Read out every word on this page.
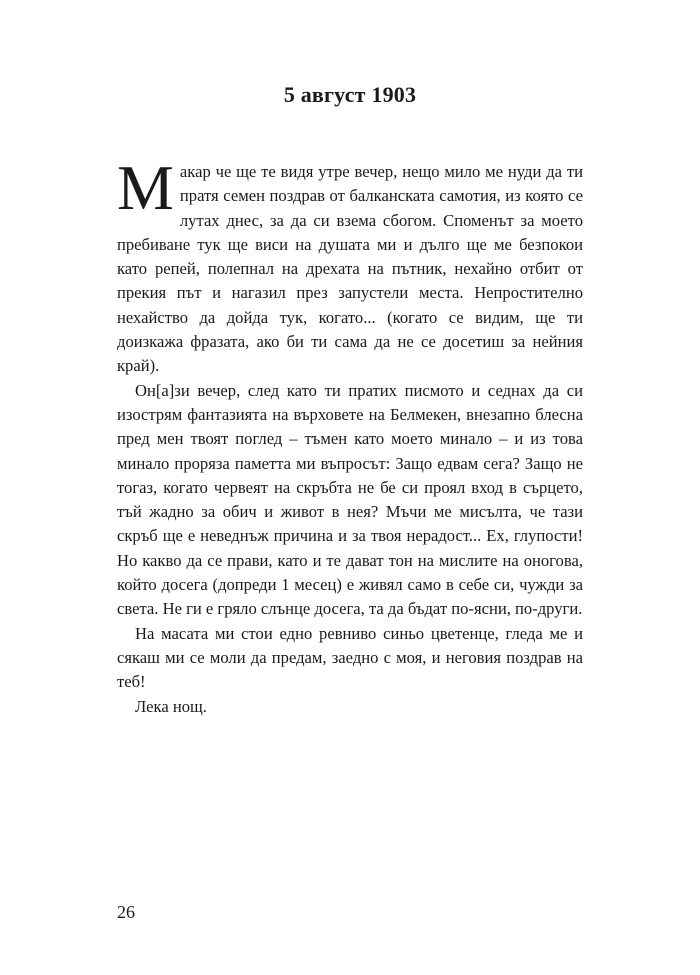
5 август 1903

Макар че ще те видя утре вечер, нещо мило ме нуди да ти пратя семен поздрав от балканската самотия, из която се лутах днес, за да си взема сбогом. Споменът за моето пребиване тук ще виси на душата ми и дълго ще ме безпокои като репей, полепнал на дрехата на пътник, нехайно отбит от прекия път и нагазил през запустели места. Непростително нехайство да дойда тук, когато... (когато се видим, ще ти доизкажа фразата, ако би ти сама да не се досетиш за нейния край).

Он[а]зи вечер, след като ти пратих писмото и седнах да си изострям фантазията на върховете на Белмекен, внезапно блесна пред мен твоят поглед – тъмен като моето минало – и из това минало прорязa паметта ми въпросът: Защо едвам сега? Защо не тогаз, когато червеят на скръбта не бе си проял вход в сърцето, тъй жадно за обич и живот в нея? Мъчи ме мисълта, че тази скръб ще е неведнъж причина и за твоя нерадост... Ех, глупости! Но какво да се прави, като и те дават тон на мислите на оногова, който досега (допреди 1 месец) е живял само в себе си, чужди за света. Не ги е гряло слънце досега, та да бъдат по-ясни, по-други.

На масата ми стои едно ревниво синьо цветенце, гледа ме и сякаш ми се моли да предам, заедно с моя, и неговия поздрав на теб!

Лека нощ.

26
